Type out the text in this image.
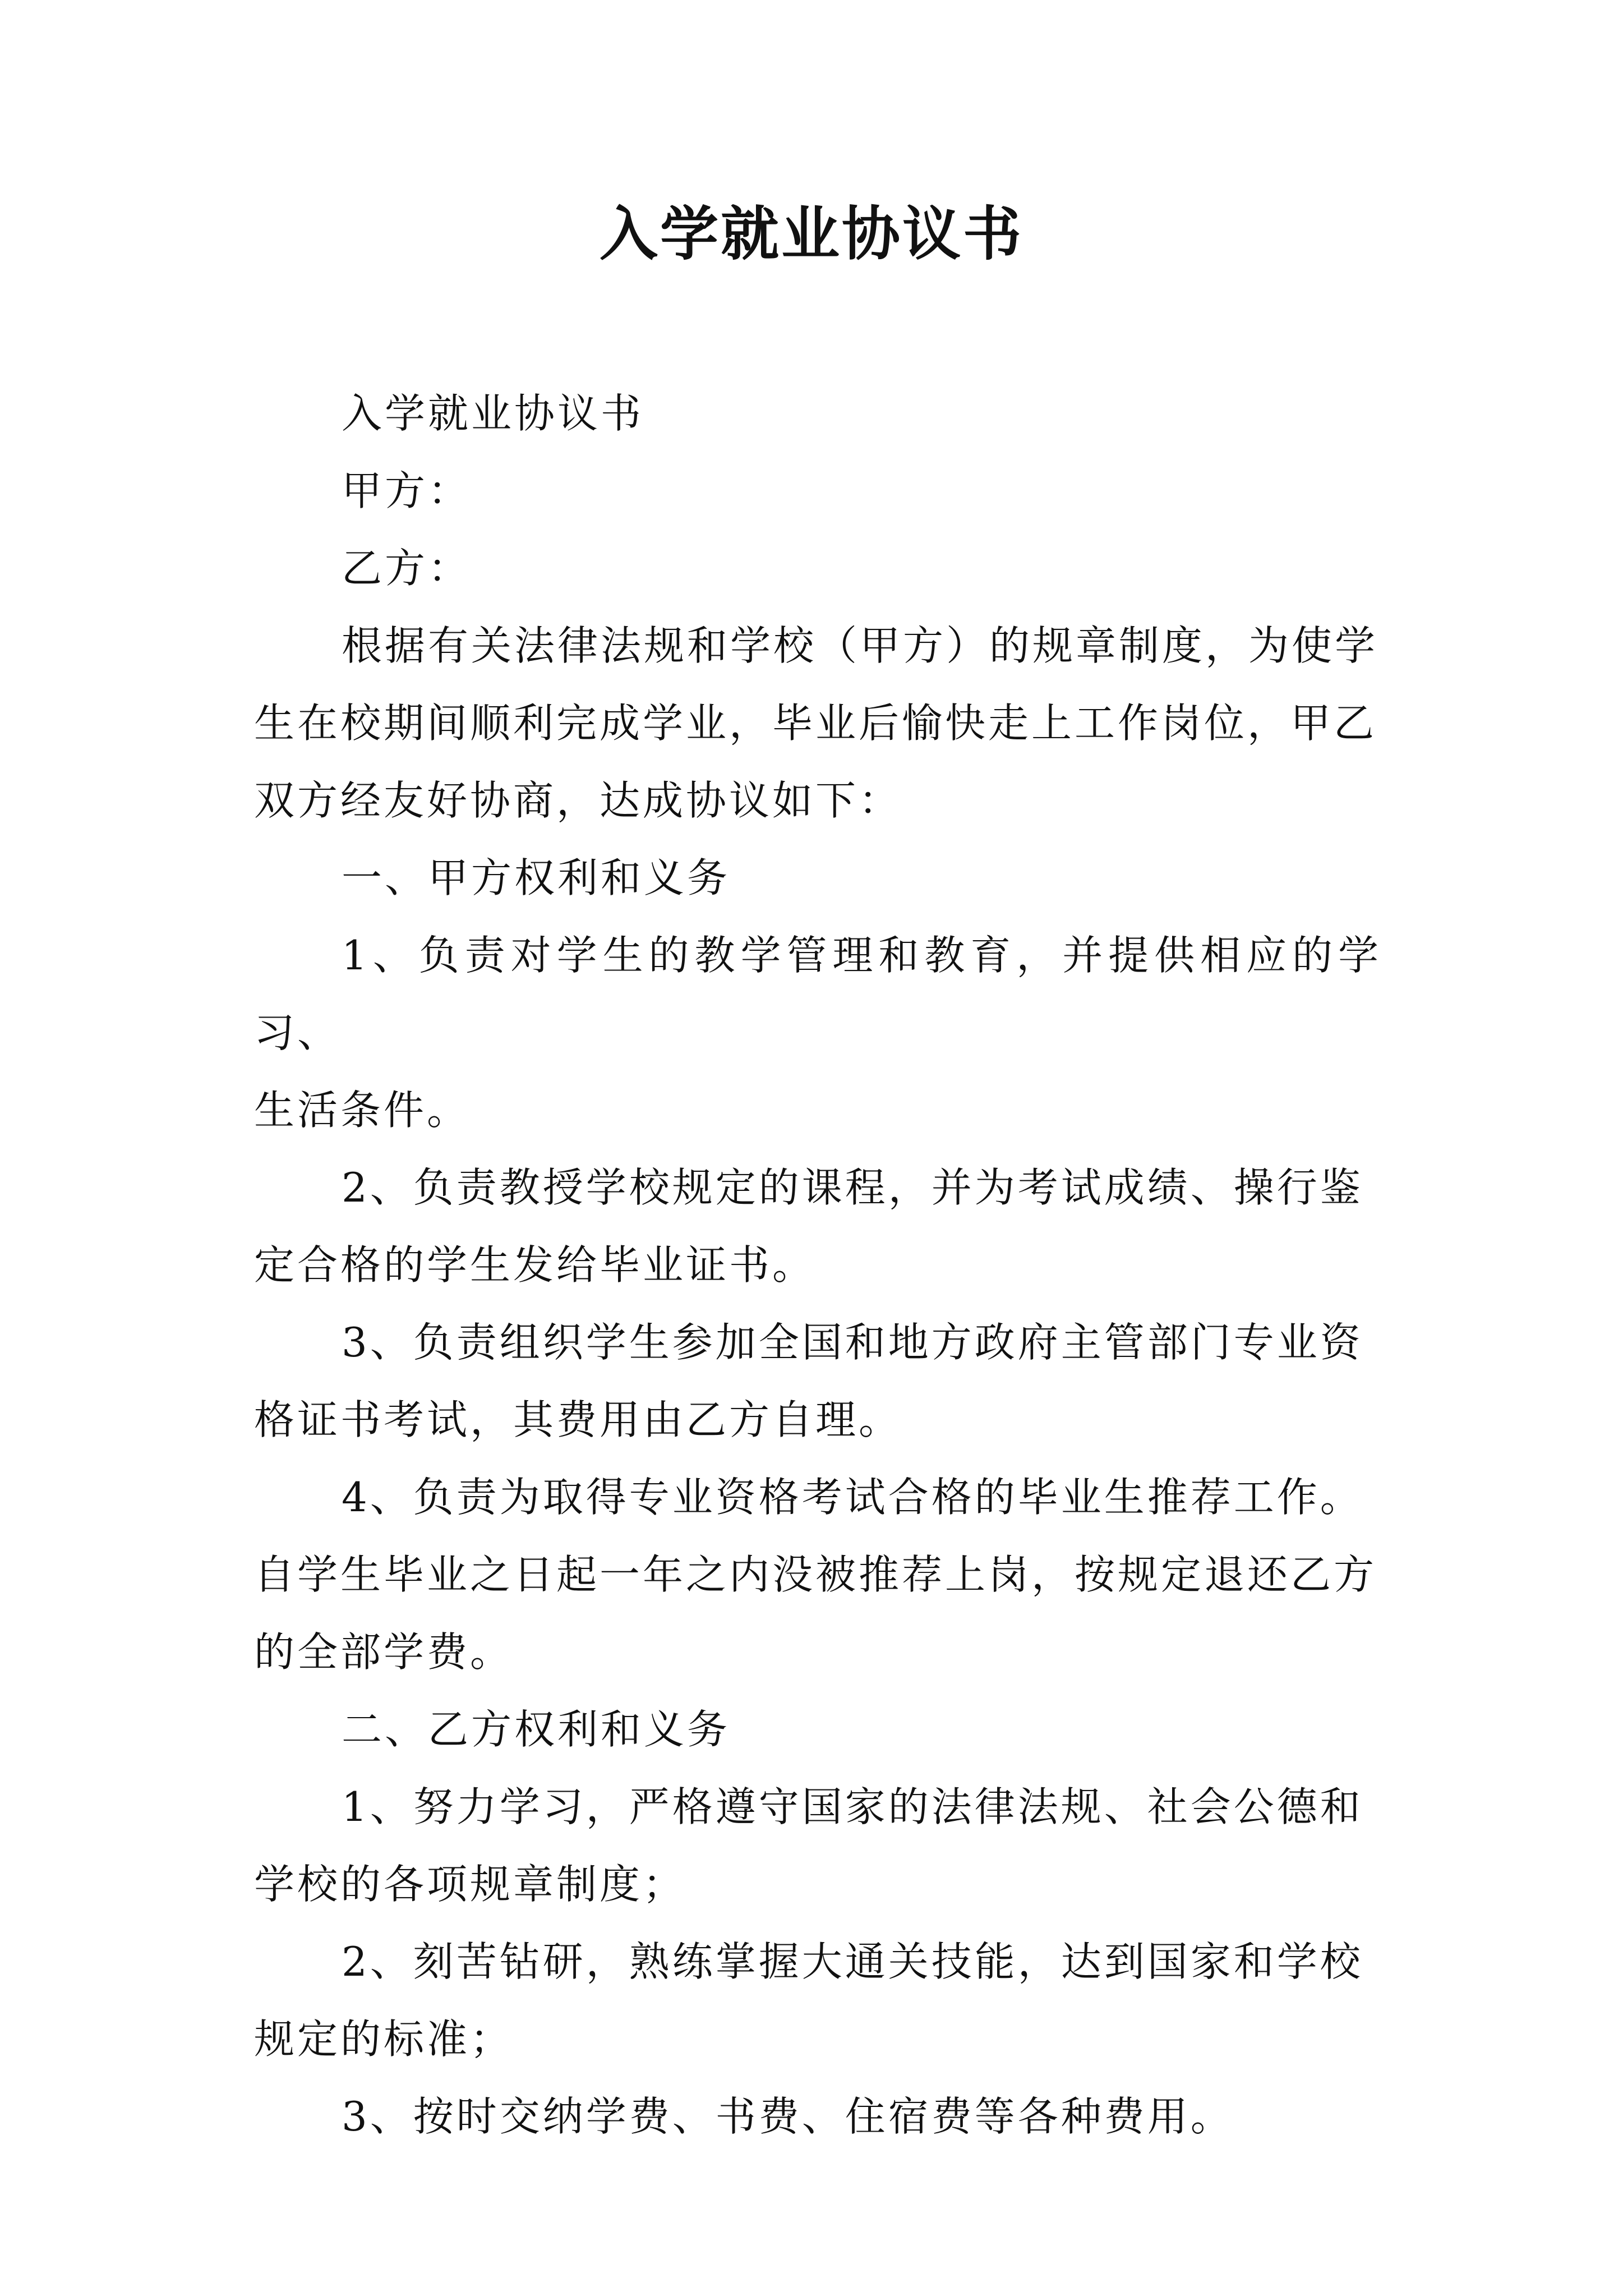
入学就业协议书
入学就业协议书
甲方：
乙方：
根据有关法律法规和学校（甲方）的规章制度，为使学
生在校期间顺利完成学业，毕业后愉快走上工作岗位，甲乙
双方经友好协商，达成协议如下：
一、甲方权利和义务
1、负责对学生的教学管理和教育，并提供相应的学习、
生活条件。
2、负责教授学校规定的课程，并为考试成绩、操行鉴
定合格的学生发给毕业证书。
3、负责组织学生参加全国和地方政府主管部门专业资
格证书考试，其费用由乙方自理。
4、负责为取得专业资格考试合格的毕业生推荐工作。
自学生毕业之日起一年之内没被推荐上岗，按规定退还乙方
的全部学费。
二、乙方权利和义务
1、努力学习，严格遵守国家的法律法规、社会公德和
学校的各项规章制度；
2、刻苦钻研，熟练掌握大通关技能，达到国家和学校
规定的标准；
3、按时交纳学费、书费、住宿费等各种费用。
